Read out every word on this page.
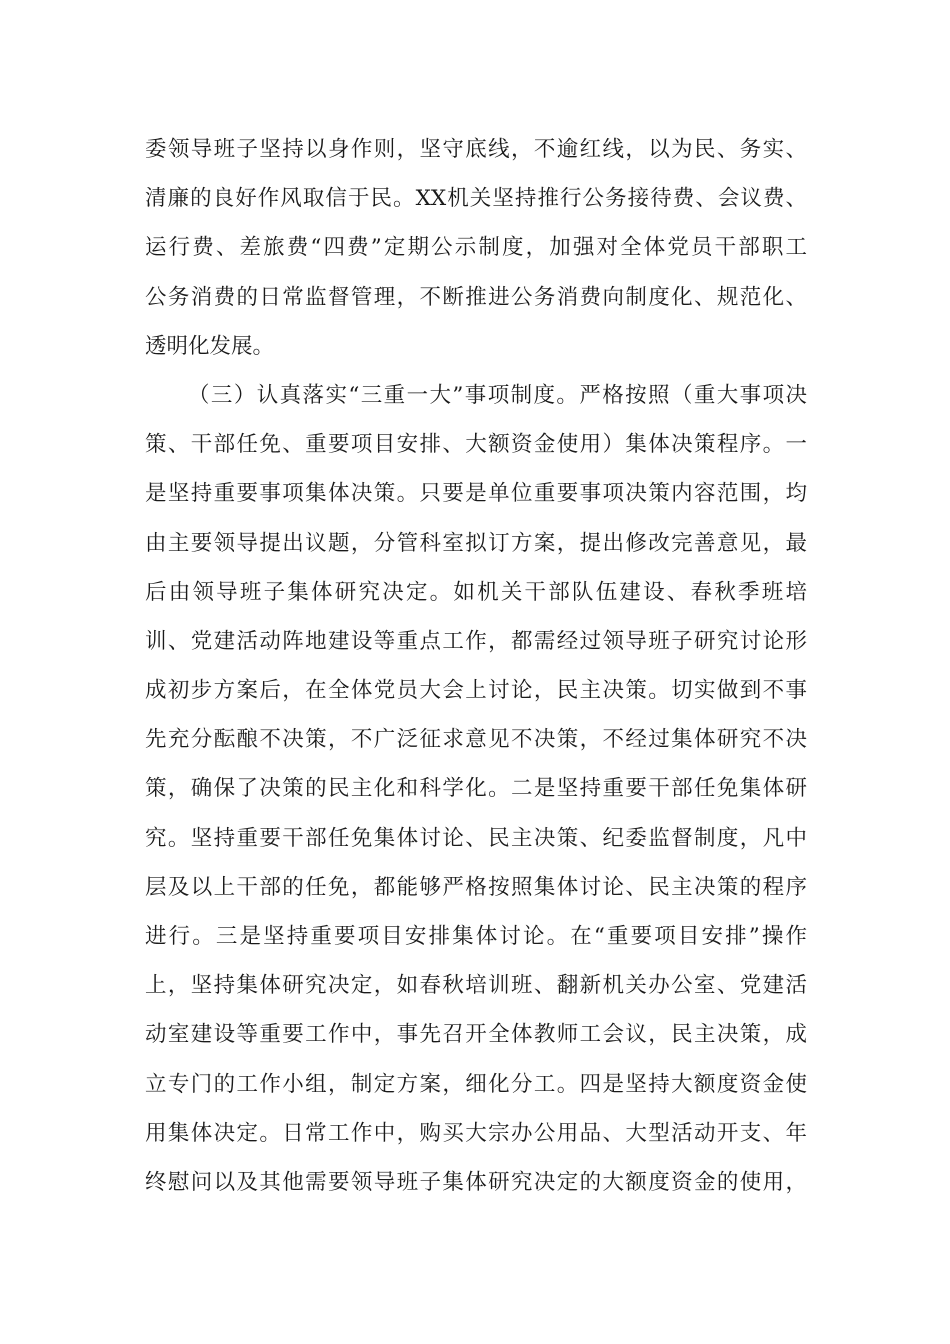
委领导班子坚持以身作则，坚守底线，不逾红线，以为民、务实、
清廉的良好作风取信于民。XX机关坚持推行公务接待费、会议费、
运行费、差旅费“四费”定期公示制度，加强对全体党员干部职工
公务消费的日常监督管理，不断推进公务消费向制度化、规范化、
透明化发展。
（三）认真落实“三重一大”事项制度。严格按照（重大事项决
策、干部任免、重要项目安排、大额资金使用）集体决策程序。一
是坚持重要事项集体决策。只要是单位重要事项决策内容范围，均
由主要领导提出议题，分管科室拟订方案，提出修改完善意见，最
后由领导班子集体研究决定。如机关干部队伍建设、春秋季班培
训、党建活动阵地建设等重点工作，都需经过领导班子研究讨论形
成初步方案后，在全体党员大会上讨论，民主决策。切实做到不事
先充分酝酿不决策，不广泛征求意见不决策，不经过集体研究不决
策，确保了决策的民主化和科学化。二是坚持重要干部任免集体研
究。坚持重要干部任免集体讨论、民主决策、纪委监督制度，凡中
层及以上干部的任免，都能够严格按照集体讨论、民主决策的程序
进行。三是坚持重要项目安排集体讨论。在“重要项目安排”操作
上，坚持集体研究决定，如春秋培训班、翻新机关办公室、党建活
动室建设等重要工作中，事先召开全体教师工会议，民主决策，成
立专门的工作小组，制定方案，细化分工。四是坚持大额度资金使
用集体决定。日常工作中，购买大宗办公用品、大型活动开支、年
终慰问以及其他需要领导班子集体研究决定的大额度资金的使用，
